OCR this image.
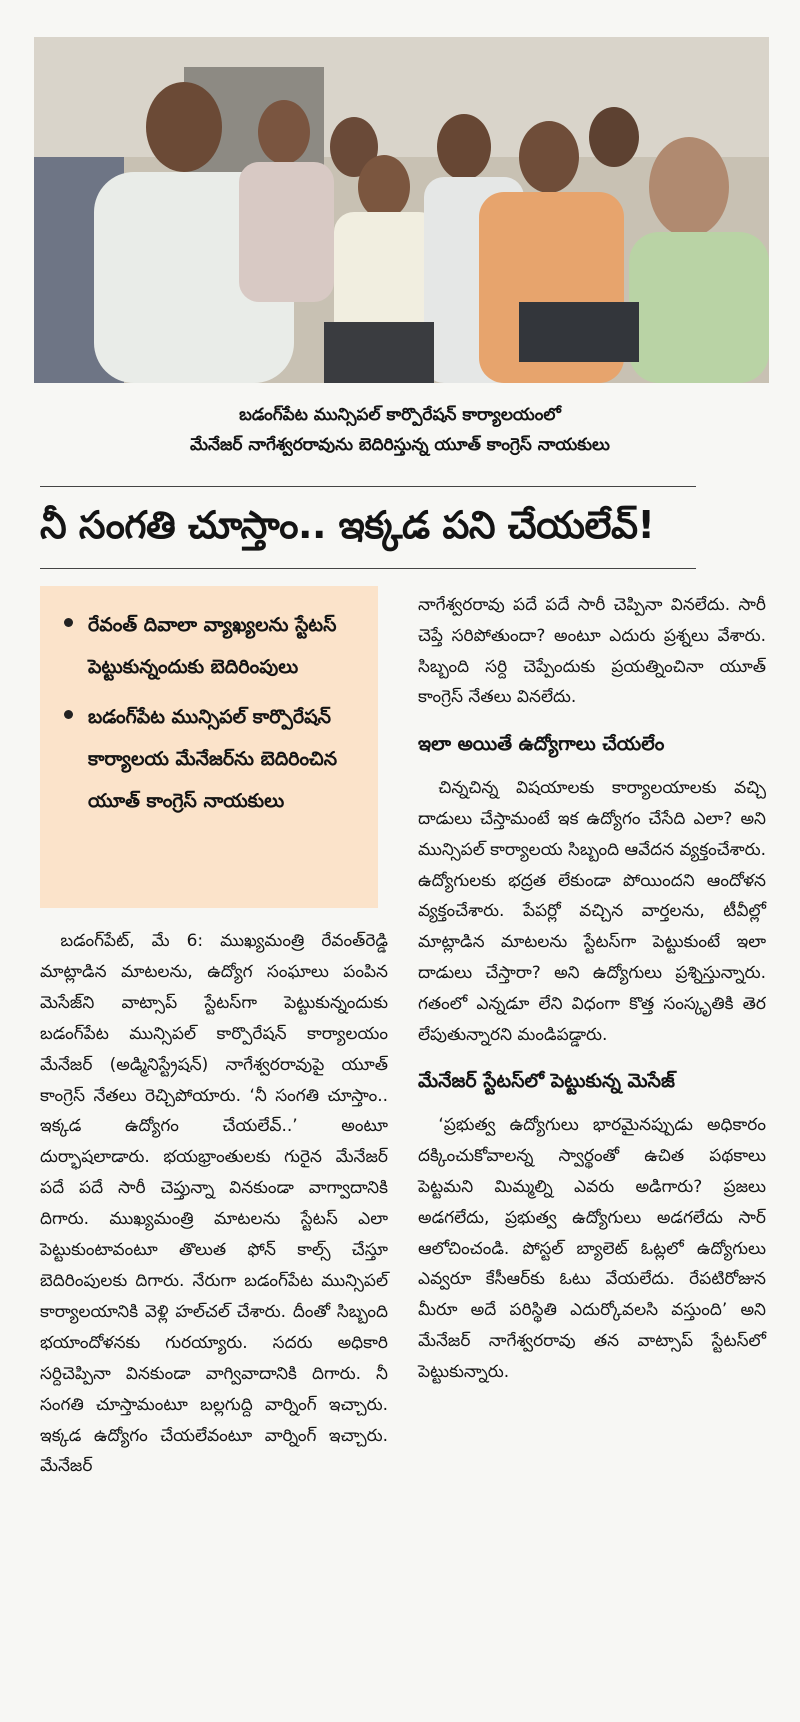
బడంగ్‌పేట మున్సిపల్ కార్పొరేషన్ కార్యాలయంలో
మేనేజర్ నాగేశ్వరరావును బెదిరిస్తున్న యూత్ కాంగ్రెస్ నాయకులు
నీ సంగతి చూస్తాం.. ఇక్కడ పని చేయలేవ్!
రేవంత్ దివాలా వ్యాఖ్యలను స్టేటస్ పెట్టుకున్నందుకు బెదిరింపులు
బడంగ్‌పేట మున్సిపల్ కార్పొరేషన్ కార్యాలయ మేనేజర్‌ను బెదిరించిన యూత్ కాంగ్రెస్ నాయకులు

బడంగ్‌పేట్, మే 6: ముఖ్యమంత్రి రేవంత్‌రెడ్డి మాట్లాడిన మాటలను, ఉద్యోగ సంఘాలు పంపిన మెసేజ్‌ని వాట్సాప్ స్టేటస్‌గా పెట్టుకున్నందుకు బడంగ్‌పేట మున్సిపల్ కార్పొరేషన్ కార్యాలయం మేనేజర్ (అడ్మినిస్ట్రేషన్) నాగేశ్వరరావుపై యూత్ కాంగ్రెస్ నేతలు రెచ్చిపోయారు. ‘నీ సంగతి చూస్తాం.. ఇక్కడ ఉద్యోగం చేయలేవ్..’ అంటూ దుర్భాషలాడారు. భయభ్రాంతులకు గురైన మేనేజర్ పదే పదే సారీ చెప్తున్నా వినకుండా వాగ్వాదానికి దిగారు. ముఖ్యమంత్రి మాటలను స్టేటస్ ఎలా పెట్టుకుంటావంటూ తొలుత ఫోన్ కాల్స్ చేస్తూ బెదిరింపులకు దిగారు. నేరుగా బడంగ్‌పేట మున్సిపల్ కార్యాలయానికి వెళ్లి హల్‌చల్ చేశారు. దీంతో సిబ్బంది భయాందోళనకు గురయ్యారు. సదరు అధికారి సర్దిచెప్పినా వినకుండా వాగ్వివాదానికి దిగారు. నీ సంగతి చూస్తామంటూ బల్లగుద్ది వార్నింగ్ ఇచ్చారు. ఇక్కడ ఉద్యోగం చేయలేవంటూ వార్నింగ్ ఇచ్చారు. మేనేజర్

నాగేశ్వరరావు పదే పదే సారీ చెప్పినా వినలేదు. సారీ చెప్తే సరిపోతుందా? అంటూ ఎదురు ప్రశ్నలు వేశారు. సిబ్బంది సర్ది చెప్పేందుకు ప్రయత్నించినా యూత్ కాంగ్రెస్ నేతలు వినలేదు.

ఇలా అయితే ఉద్యోగాలు చేయలేం

చిన్నచిన్న విషయాలకు కార్యాలయాలకు వచ్చి దాడులు చేస్తామంటే ఇక ఉద్యోగం చేసేది ఎలా? అని మున్సిపల్ కార్యాలయ సిబ్బంది ఆవేదన వ్యక్తంచేశారు. ఉద్యోగులకు భద్రత లేకుండా పోయిందని ఆందోళన వ్యక్తంచేశారు. పేపర్లో వచ్చిన వార్తలను, టీవీల్లో మాట్లాడిన మాటలను స్టేటస్‌గా పెట్టుకుంటే ఇలా దాడులు చేస్తారా? అని ఉద్యోగులు ప్రశ్నిస్తున్నారు. గతంలో ఎన్నడూ లేని విధంగా కొత్త సంస్కృతికి తెర లేపుతున్నారని మండిపడ్డారు.

మేనేజర్ స్టేటస్‌లో పెట్టుకున్న మెసేజ్

‘ప్రభుత్వ ఉద్యోగులు భారమైనప్పుడు అధికారం దక్కించుకోవాలన్న స్వార్థంతో ఉచిత పథకాలు పెట్టమని మిమ్మల్ని ఎవరు అడిగారు? ప్రజలు అడగలేదు, ప్రభుత్వ ఉద్యోగులు అడగలేదు సార్ ఆలోచించండి. పోస్టల్ బ్యాలెట్ ఓట్లలో ఉద్యోగులు ఎవ్వరూ కేసీఆర్‌కు ఓటు వేయలేదు. రేపటిరోజున మీరూ అదే పరిస్థితి ఎదుర్కోవలసి వస్తుంది’ అని మేనేజర్ నాగేశ్వరరావు తన వాట్సాప్ స్టేటస్‌లో పెట్టుకున్నారు.
